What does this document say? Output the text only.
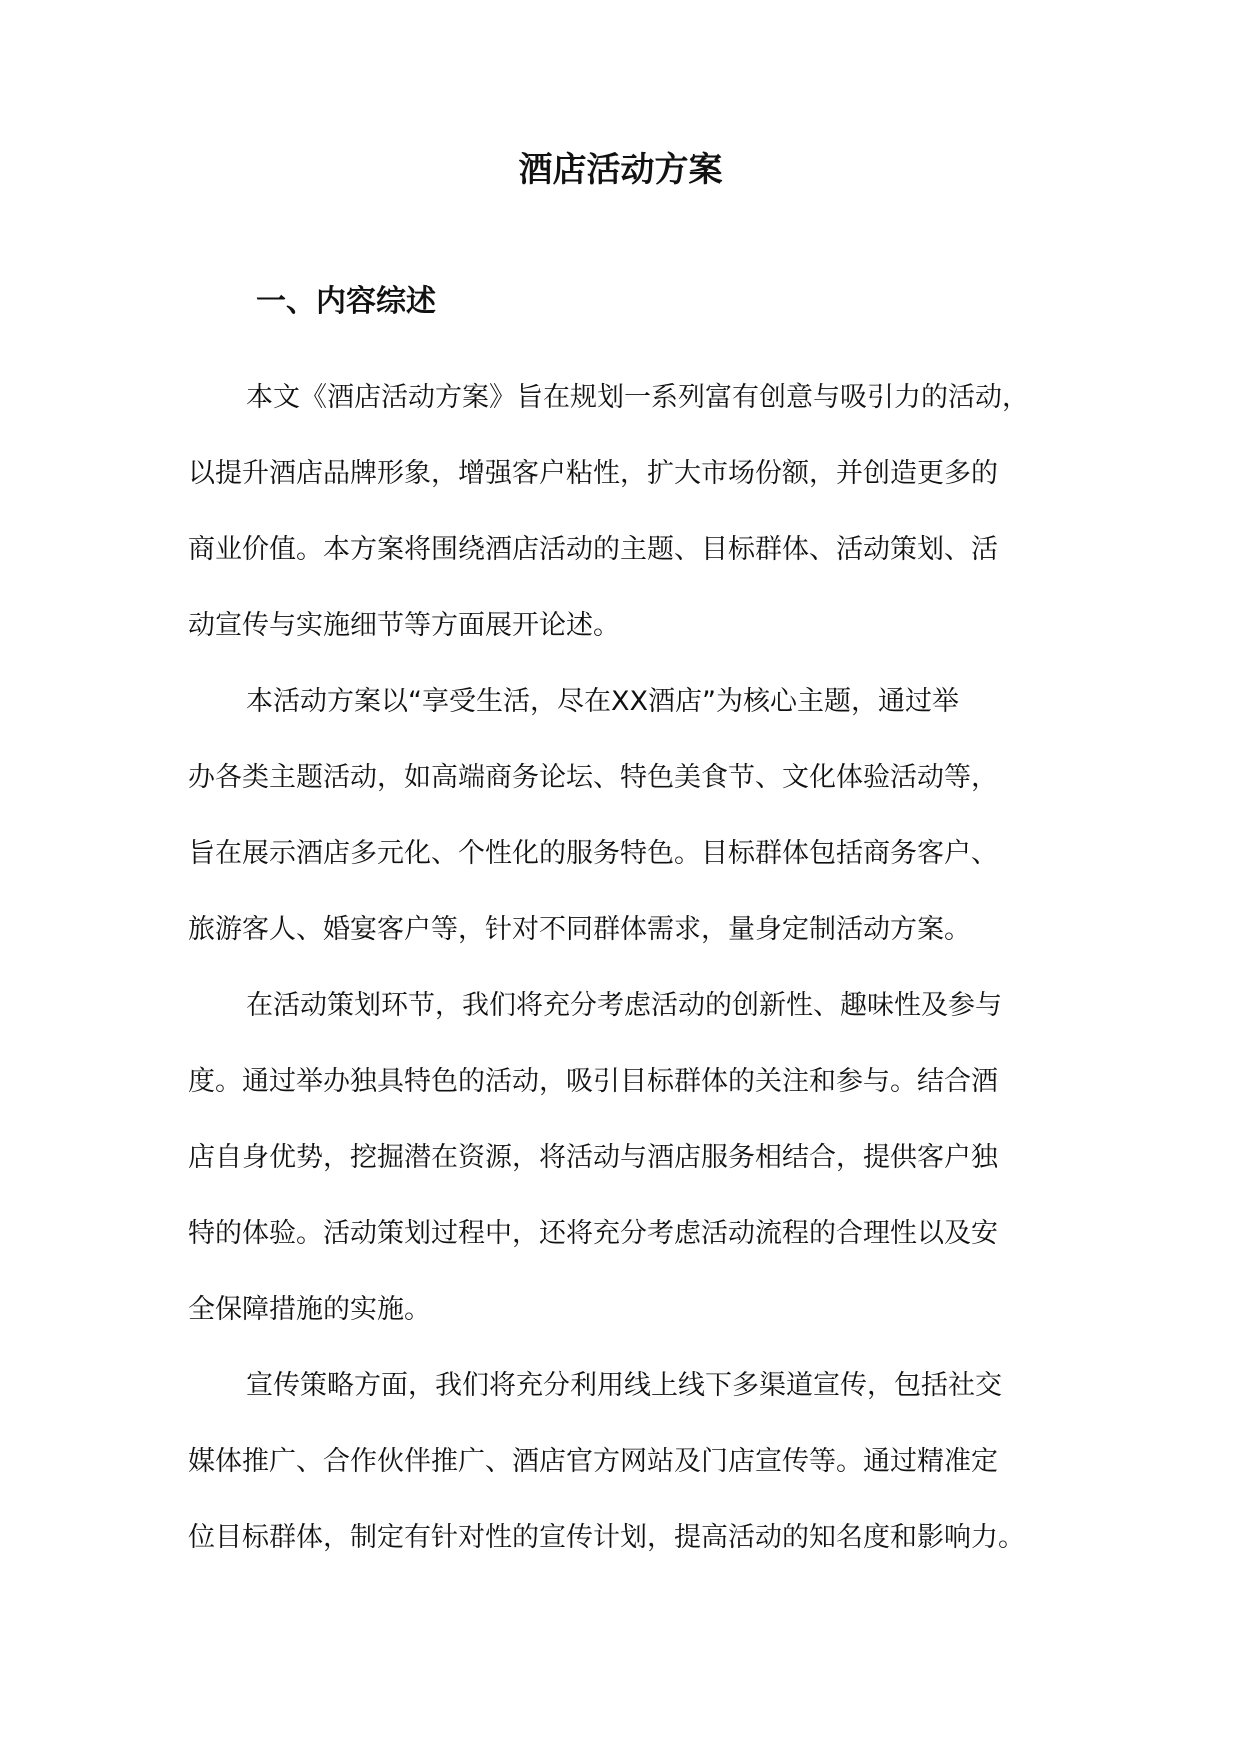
酒店活动方案
一、内容综述

本文《酒店活动方案》旨在规划一系列富有创意与吸引力的活动，
以提升酒店品牌形象，增强客户粘性，扩大市场份额，并创造更多的
商业价值。本方案将围绕酒店活动的主题、目标群体、活动策划、活
动宣传与实施细节等方面展开论述。

本活动方案以“享受生活，尽在XX酒店”为核心主题，通过举
办各类主题活动，如高端商务论坛、特色美食节、文化体验活动等，
旨在展示酒店多元化、个性化的服务特色。目标群体包括商务客户、
旅游客人、婚宴客户等，针对不同群体需求，量身定制活动方案。

在活动策划环节，我们将充分考虑活动的创新性、趣味性及参与
度。通过举办独具特色的活动，吸引目标群体的关注和参与。结合酒
店自身优势，挖掘潜在资源，将活动与酒店服务相结合，提供客户独
特的体验。活动策划过程中，还将充分考虑活动流程的合理性以及安
全保障措施的实施。

宣传策略方面，我们将充分利用线上线下多渠道宣传，包括社交
媒体推广、合作伙伴推广、酒店官方网站及门店宣传等。通过精准定
位目标群体，制定有针对性的宣传计划，提高活动的知名度和影响力。
